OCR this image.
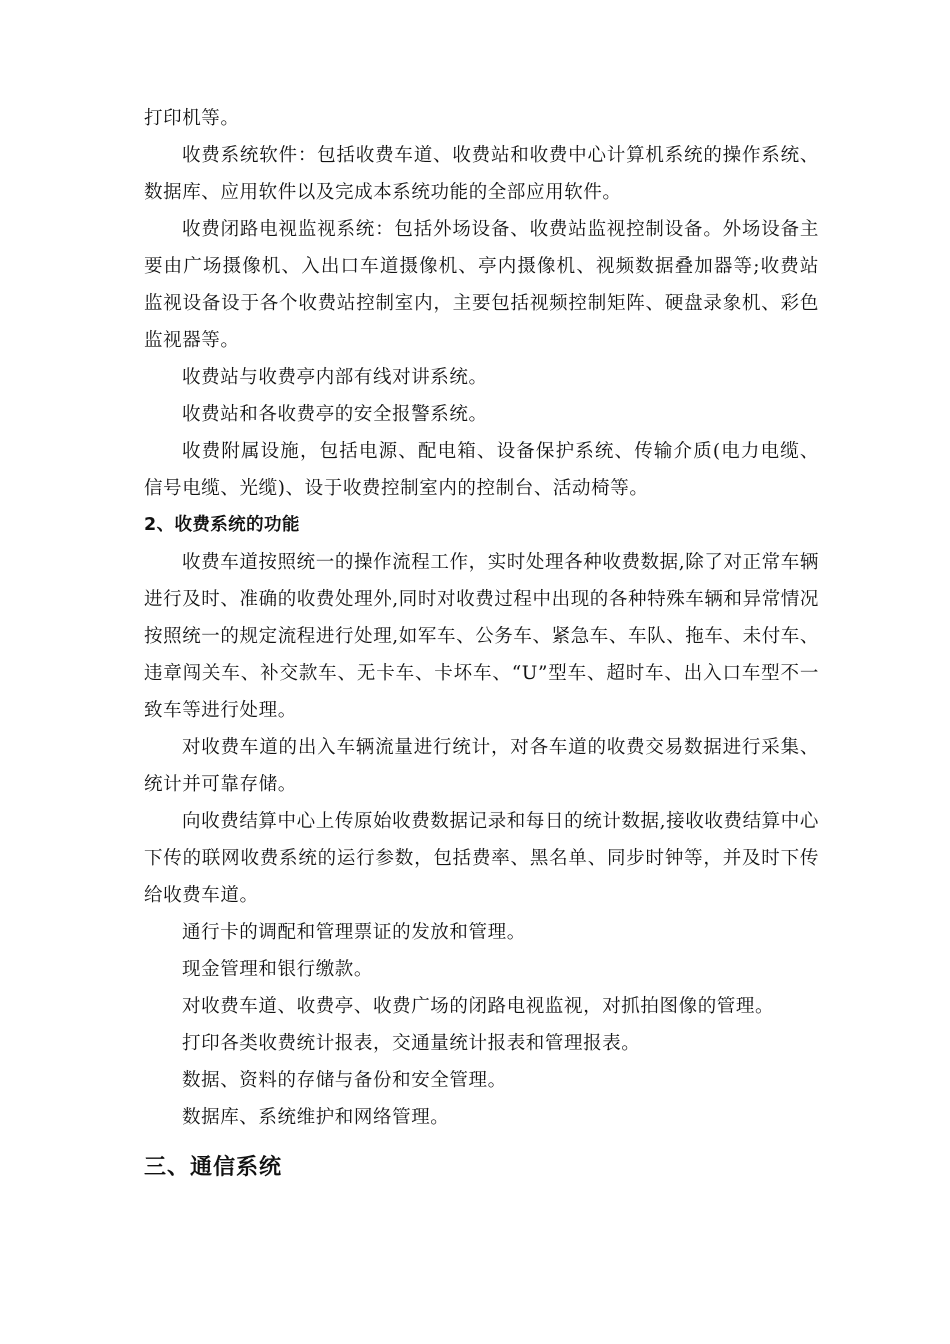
打印机等。

收费系统软件：包括收费车道、收费站和收费中心计算机系统的操作系统、数据库、应用软件以及完成本系统功能的全部应用软件。

收费闭路电视监视系统：包括外场设备、收费站监视控制设备。外场设备主要由广场摄像机、入出口车道摄像机、亭内摄像机、视频数据叠加器等;收费站监视设备设于各个收费站控制室内，主要包括视频控制矩阵、硬盘录象机、彩色监视器等。

收费站与收费亭内部有线对讲系统。

收费站和各收费亭的安全报警系统。

收费附属设施，包括电源、配电箱、设备保护系统、传输介质(电力电缆、信号电缆、光缆)、设于收费控制室内的控制台、活动椅等。

2、收费系统的功能

收费车道按照统一的操作流程工作，实时处理各种收费数据,除了对正常车辆进行及时、准确的收费处理外,同时对收费过程中出现的各种特殊车辆和异常情况按照统一的规定流程进行处理,如军车、公务车、紧急车、车队、拖车、未付车、违章闯关车、补交款车、无卡车、卡坏车、“U”型车、超时车、出入口车型不一致车等进行处理。

对收费车道的出入车辆流量进行统计，对各车道的收费交易数据进行采集、统计并可靠存储。

向收费结算中心上传原始收费数据记录和每日的统计数据,接收收费结算中心下传的联网收费系统的运行参数，包括费率、黑名单、同步时钟等，并及时下传给收费车道。

通行卡的调配和管理票证的发放和管理。

现金管理和银行缴款。

对收费车道、收费亭、收费广场的闭路电视监视，对抓拍图像的管理。

打印各类收费统计报表，交通量统计报表和管理报表。

数据、资料的存储与备份和安全管理。

数据库、系统维护和网络管理。

三、通信系统
